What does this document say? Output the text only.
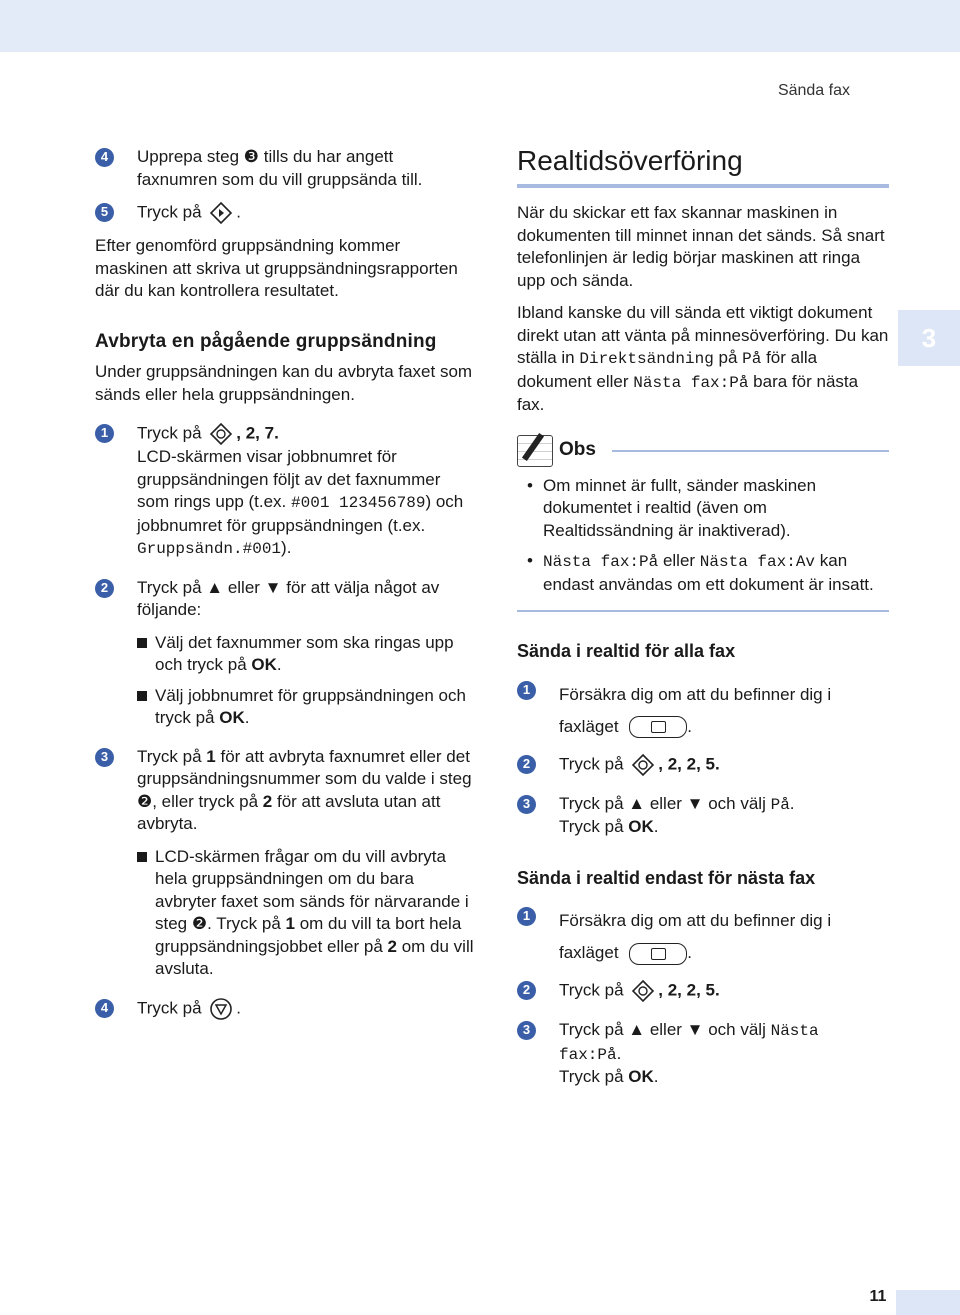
Sända fax
3
4	Upprepa steg ❸ tills du har angett faxnumren som du vill gruppsända till.
5	Tryck på .
Efter genomförd gruppsändning kommer maskinen att skriva ut gruppsändningsrapporten där du kan kontrollera resultatet.
Avbryta en pågående gruppsändning
Under gruppsändningen kan du avbryta faxet som sänds eller hela gruppsändningen.
1	Tryck på , 2, 7.
LCD-skärmen visar jobbnumret för gruppsändningen följt av det faxnummer som rings upp (t.ex. #001 123456789) och jobbnumret för gruppsändningen (t.ex. Gruppsändn.#001).
2	Tryck på ▲ eller ▼ för att välja något av följande:
Välj det faxnummer som ska ringas upp och tryck på OK.
Välj jobbnumret för gruppsändningen och tryck på OK.
3	Tryck på 1 för att avbryta faxnumret eller det gruppsändningsnummer som du valde i steg ❷, eller tryck på 2 för att avsluta utan att avbryta.
LCD-skärmen frågar om du vill avbryta hela gruppsändningen om du bara avbryter faxet som sänds för närvarande i steg ❷. Tryck på 1 om du vill ta bort hela gruppsändningsjobbet eller på 2 om du vill avsluta.
4	Tryck på .
Realtidsöverföring
När du skickar ett fax skannar maskinen in dokumenten till minnet innan det sänds. Så snart telefonlinjen är ledig börjar maskinen att ringa upp och sända.
Ibland kanske du vill sända ett viktigt dokument direkt utan att vänta på minnesöverföring. Du kan ställa in Direktsändning på På för alla dokument eller Nästa fax:På bara för nästa fax.
Obs
• Om minnet är fullt, sänder maskinen dokumentet i realtid (även om Realtidssändning är inaktiverad).
• Nästa fax:På eller Nästa fax:Av kan endast användas om ett dokument är insatt.
Sända i realtid för alla fax
1	Försäkra dig om att du befinner dig i faxläget	.
2	Tryck på , 2, 2, 5.
3	Tryck på ▲ eller ▼ och välj På.
Tryck på OK.
Sända i realtid endast för nästa fax
1	Försäkra dig om att du befinner dig i faxläget	.
2	Tryck på , 2, 2, 5.
3	Tryck på ▲ eller ▼ och välj Nästa fax:På.
Tryck på OK.
11
